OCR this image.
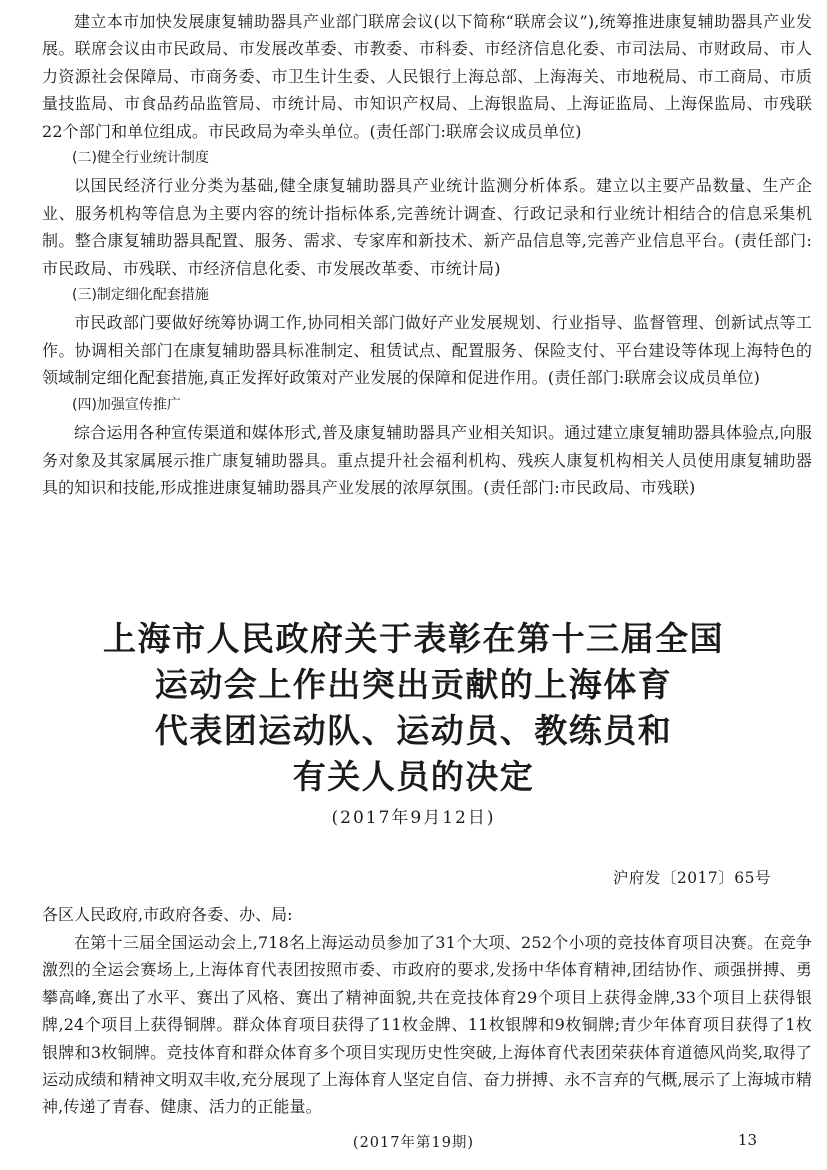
建立本市加快发展康复辅助器具产业部门联席会议(以下简称“联席会议”),统筹推进康复辅助器具产业发展。联席会议由市民政局、市发展改革委、市教委、市科委、市经济信息化委、市司法局、市财政局、市人力资源社会保障局、市商务委、市卫生计生委、人民银行上海总部、上海海关、市地税局、市工商局、市质量技监局、市食品药品监管局、市统计局、市知识产权局、上海银监局、上海证监局、上海保监局、市残联22个部门和单位组成。市民政局为牵头单位。(责任部门:联席会议成员单位)

(二)健全行业统计制度

以国民经济行业分类为基础,健全康复辅助器具产业统计监测分析体系。建立以主要产品数量、生产企业、服务机构等信息为主要内容的统计指标体系,完善统计调查、行政记录和行业统计相结合的信息采集机制。整合康复辅助器具配置、服务、需求、专家库和新技术、新产品信息等,完善产业信息平台。(责任部门:市民政局、市残联、市经济信息化委、市发展改革委、市统计局)

(三)制定细化配套措施

市民政部门要做好统筹协调工作,协同相关部门做好产业发展规划、行业指导、监督管理、创新试点等工作。协调相关部门在康复辅助器具标准制定、租赁试点、配置服务、保险支付、平台建设等体现上海特色的领域制定细化配套措施,真正发挥好政策对产业发展的保障和促进作用。(责任部门:联席会议成员单位)

(四)加强宣传推广

综合运用各种宣传渠道和媒体形式,普及康复辅助器具产业相关知识。通过建立康复辅助器具体验点,向服务对象及其家属展示推广康复辅助器具。重点提升社会福利机构、残疾人康复机构相关人员使用康复辅助器具的知识和技能,形成推进康复辅助器具产业发展的浓厚氛围。(责任部门:市民政局、市残联)

上海市人民政府关于表彰在第十三届全国
运动会上作出突出贡献的上海体育
代表团运动队、运动员、教练员和
有关人员的决定
(2017年9月12日)
沪府发〔2017〕65号

各区人民政府,市政府各委、办、局:

在第十三届全国运动会上,718名上海运动员参加了31个大项、252个小项的竞技体育项目决赛。在竞争激烈的全运会赛场上,上海体育代表团按照市委、市政府的要求,发扬中华体育精神,团结协作、顽强拼搏、勇攀高峰,赛出了水平、赛出了风格、赛出了精神面貌,共在竞技体育29个项目上获得金牌,33个项目上获得银牌,24个项目上获得铜牌。群众体育项目获得了11枚金牌、11枚银牌和9枚铜牌;青少年体育项目获得了1枚银牌和3枚铜牌。竞技体育和群众体育多个项目实现历史性突破,上海体育代表团荣获体育道德风尚奖,取得了运动成绩和精神文明双丰收,充分展现了上海体育人坚定自信、奋力拼搏、永不言弃的气概,展示了上海城市精神,传递了青春、健康、活力的正能量。

(2017年第19期)	13
